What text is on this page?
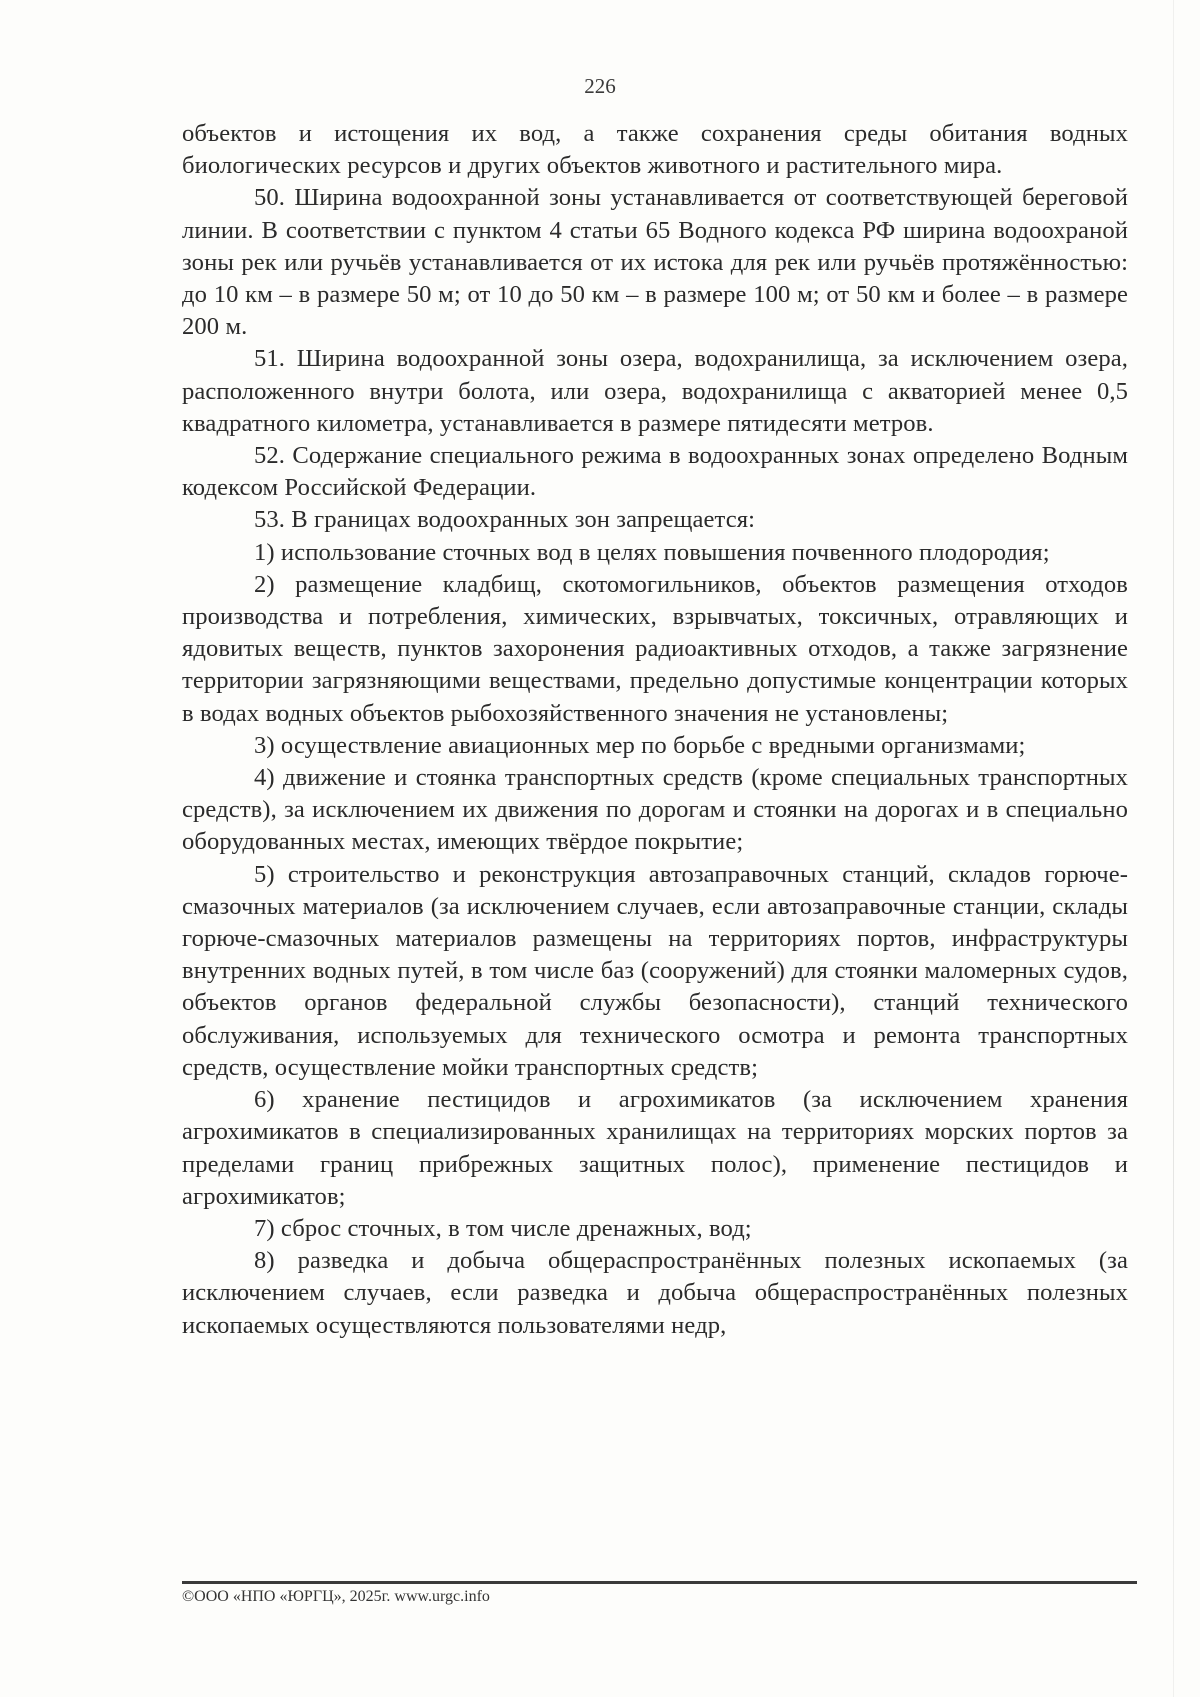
226

объектов и истощения их вод, а также сохранения среды обитания водных биологических ресурсов и других объектов животного и растительного мира.

50. Ширина водоохранной зоны устанавливается от соответствующей береговой линии. В соответствии с пунктом 4 статьи 65 Водного кодекса РФ ширина водоохраной зоны рек или ручьёв устанавливается от их истока для рек или ручьёв протяжённостью: до 10 км – в размере 50 м; от 10 до 50 км – в размере 100 м; от 50 км и более – в размере 200 м.

51. Ширина водоохранной зоны озера, водохранилища, за исключением озера, расположенного внутри болота, или озера, водохранилища с акваторией менее 0,5 квадратного километра, устанавливается в размере пятидесяти метров.

52. Содержание специального режима в водоохранных зонах определено Водным кодексом Российской Федерации.

53. В границах водоохранных зон запрещается:

1) использование сточных вод в целях повышения почвенного плодородия;

2) размещение кладбищ, скотомогильников, объектов размещения отходов производства и потребления, химических, взрывчатых, токсичных, отравляющих и ядовитых веществ, пунктов захоронения радиоактивных отходов, а также загрязнение территории загрязняющими веществами, предельно допустимые концентрации которых в водах водных объектов рыбохозяйственного значения не установлены;

3) осуществление авиационных мер по борьбе с вредными организмами;

4) движение и стоянка транспортных средств (кроме специальных транспортных средств), за исключением их движения по дорогам и стоянки на дорогах и в специально оборудованных местах, имеющих твёрдое покрытие;

5) строительство и реконструкция автозаправочных станций, складов горюче-смазочных материалов (за исключением случаев, если автозаправочные станции, склады горюче-смазочных материалов размещены на территориях портов, инфраструктуры внутренних водных путей, в том числе баз (сооружений) для стоянки маломерных судов, объектов органов федеральной службы безопасности), станций технического обслуживания, используемых для технического осмотра и ремонта транспортных средств, осуществление мойки транспортных средств;

6) хранение пестицидов и агрохимикатов (за исключением хранения агрохимикатов в специализированных хранилищах на территориях морских портов за пределами границ прибрежных защитных полос), применение пестицидов и агрохимикатов;

7) сброс сточных, в том числе дренажных, вод;

8) разведка и добыча общераспространённых полезных ископаемых (за исключением случаев, если разведка и добыча общераспространённых полезных ископаемых осуществляются пользователями недр,

©ООО «НПО «ЮРГЦ», 2025г. www.urgc.info
